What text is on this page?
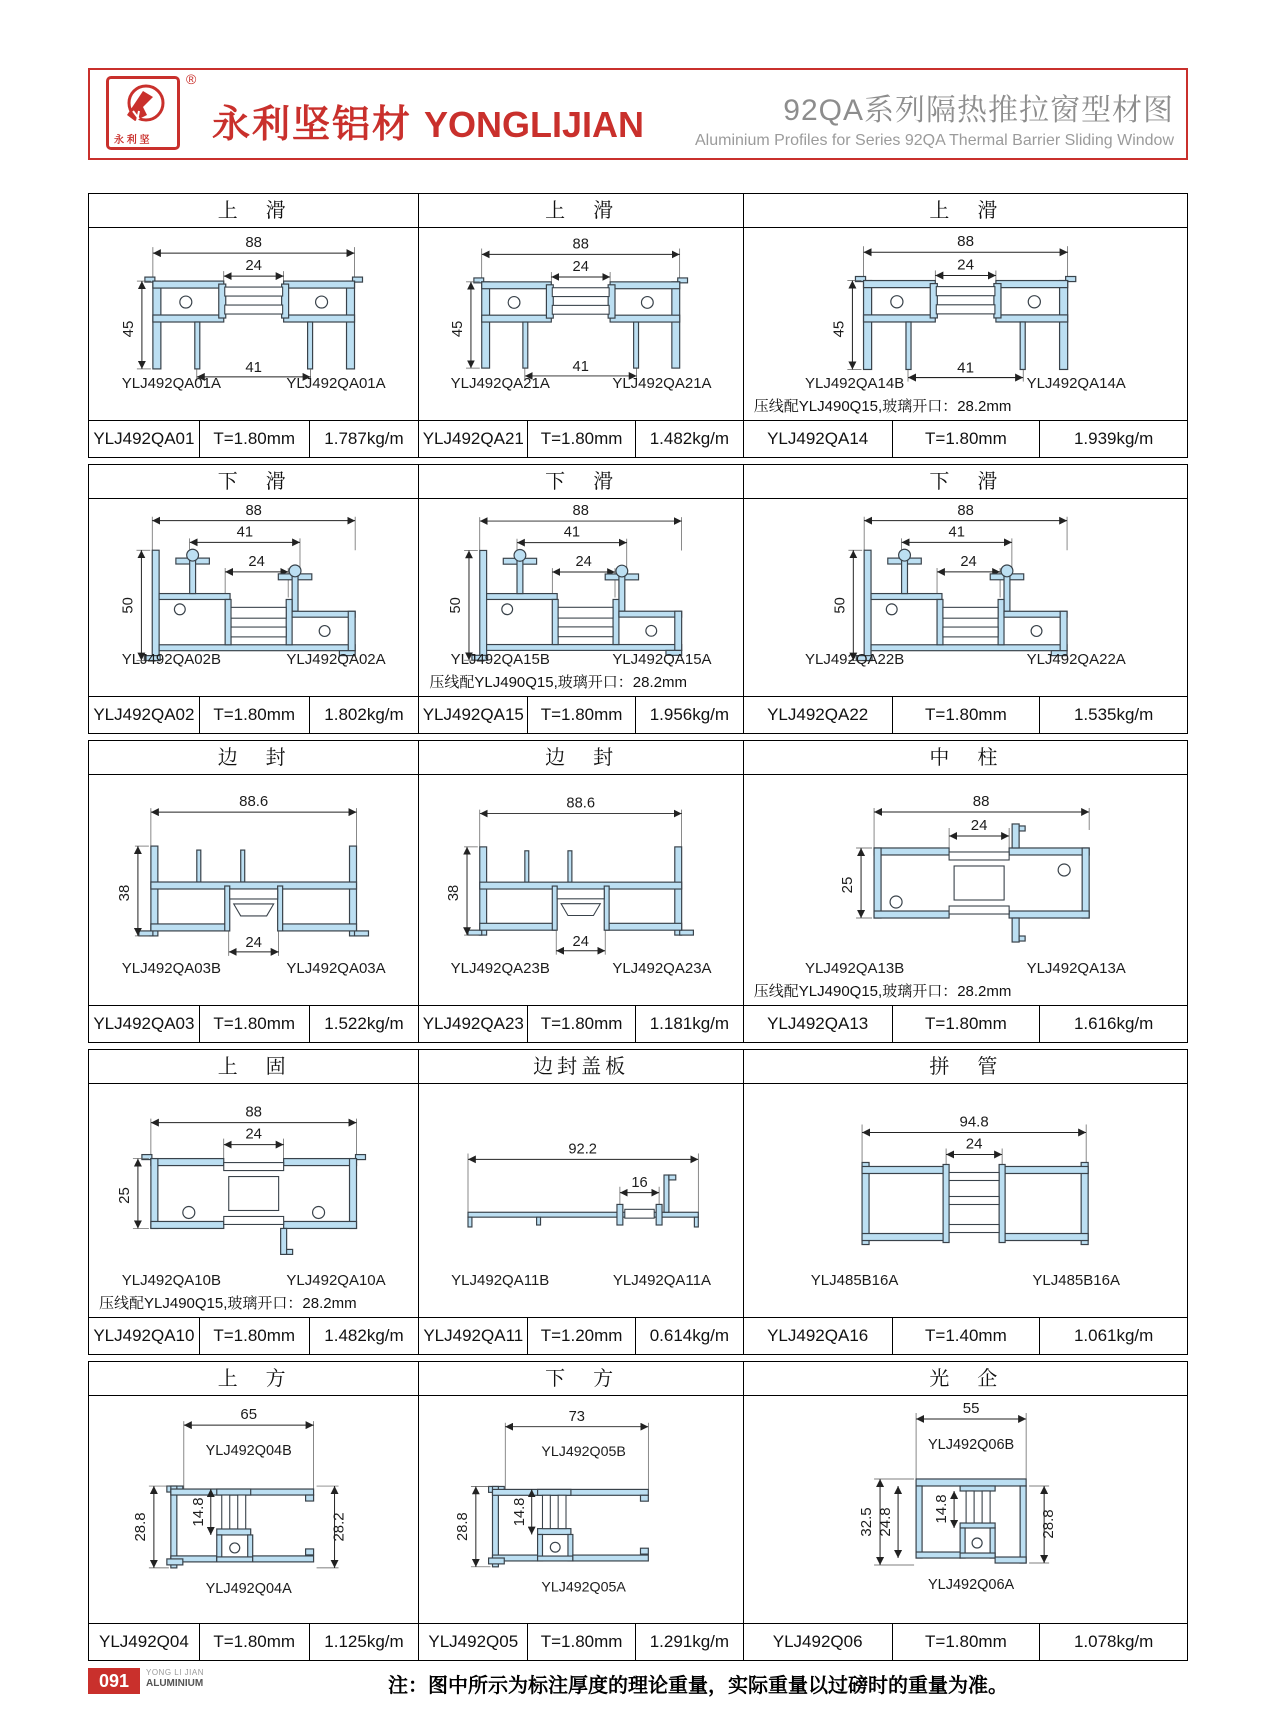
永 利 坚
®
永利坚铝材 YONGLIJIAN	92QA系列隔热推拉窗型材图
Aluminium Profiles for Series 92QA Thermal Barrier Sliding Window
上　滑
88
24
45
41
YLJ492QA01A	YLJ492QA01A
YLJ492QA01	T=1.80mm	1.787kg/m
上　滑
88
24
45
41
YLJ492QA21A	YLJ492QA21A
YLJ492QA21 T=1.80mm	1.482kg/m
上　滑
88
24
45
41
YLJ492QA14B	YLJ492QA14A
压线配YLJ490Q15,玻璃开口：28.2mm
YLJ492QA14	T=1.80mm	1.939kg/m
下　滑
88
41
24
50
YLJ492QA02B	YLJ492QA02A
YLJ492QA02	T=1.80mm	1.802kg/m
下　滑
88
41
24
50
YLJ492QA15B	YLJ492QA15A
压线配YLJ490Q15,玻璃开口：28.2mm
YLJ492QA15 T=1.80mm	1.956kg/m
下　滑
88
41
24
50
YLJ492QA22B	YLJ492QA22A
YLJ492QA22	T=1.80mm	1.535kg/m
边　封
88.6
38
24
YLJ492QA03B	YLJ492QA03A
YLJ492QA03	T=1.80mm	1.522kg/m
边　封
88.6
38
24
YLJ492QA23B	YLJ492QA23A
YLJ492QA23 T=1.80mm	1.181kg/m
中　柱
88
24
25
YLJ492QA13B	YLJ492QA13A
压线配YLJ490Q15,玻璃开口：28.2mm
YLJ492QA13	T=1.80mm	1.616kg/m
上　固
88
24
25
YLJ492QA10B	YLJ492QA10A
压线配YLJ490Q15,玻璃开口：28.2mm
YLJ492QA10	T=1.80mm	1.482kg/m
边封盖板
92.2
16
YLJ492QA11B	YLJ492QA11A
YLJ492QA11	T=1.20mm	0.614kg/m
拼　管
94.8
24
YLJ485B16A	YLJ485B16A
YLJ492QA16	T=1.40mm	1.061kg/m
上　方
65
YLJ492Q04B
28.8
14.8
28.2
YLJ492Q04A
YLJ492Q04	T=1.80mm	1.125kg/m
下　方
73
YLJ492Q05B
28.8
14.8
YLJ492Q05A
YLJ492Q05	T=1.80mm	1.291kg/m
光　企
55
YLJ492Q06B
32.5 24.8	14.8
28.8
YLJ492Q06A
YLJ492Q06	T=1.80mm	1.078kg/m
091	YONG LI JIAN
ALUMINIUM	注：图中所示为标注厚度的理论重量，实际重量以过磅时的重量为准。
